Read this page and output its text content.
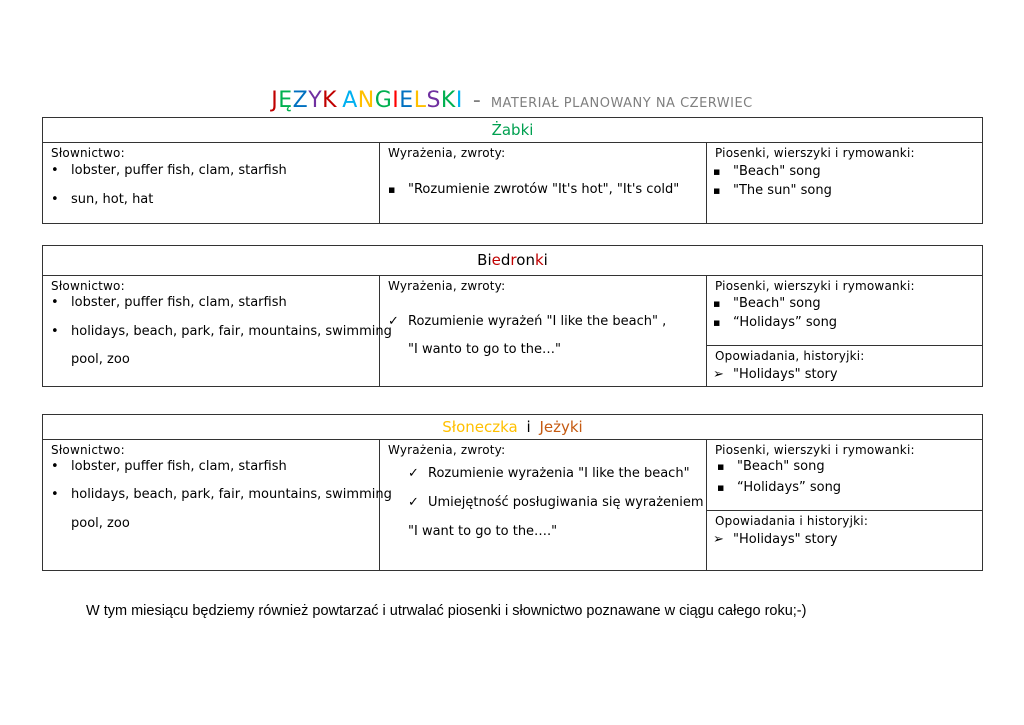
JĘZYK ANGIELSKI - MATERIAŁ PLANOWANY NA CZERWIEC
Żabki
Słownictwo:
• lobster, puffer fish, clam, starfish
• sun, hot, hat
Wyrażenia, zwroty:
▪ "Rozumienie zwrotów "It's hot", "It's cold"
Piosenki, wierszyki i rymowanki:
▪ "Beach" song
▪ "The sun" song
Biedronki
Słownictwo:
• lobster, puffer fish, clam, starfish
• holidays, beach, park, fair, mountains, swimming
pool, zoo
Wyrażenia, zwroty:
✓ Rozumienie wyrażeń "I like the beach" ,
"I wanto to go to the…"
Piosenki, wierszyki i rymowanki:
▪ "Beach" song
▪ “Holidays” song
Opowiadania, historyjki:
➢ "Holidays" story
Słoneczka i Jeżyki
Słownictwo:
• lobster, puffer fish, clam, starfish
• holidays, beach, park, fair, mountains, swimming
pool, zoo
Wyrażenia, zwroty:
✓ Rozumienie wyrażenia "I like the beach"
✓ Umiejętność posługiwania się wyrażeniem
"I want to go to the…."
Piosenki, wierszyki i rymowanki:
▪ "Beach" song
▪ “Holidays” song
Opowiadania i historyjki:
➢ "Holidays" story
W tym miesiącu będziemy również powtarzać i utrwalać piosenki i słownictwo poznawane w ciągu całego roku;-)
